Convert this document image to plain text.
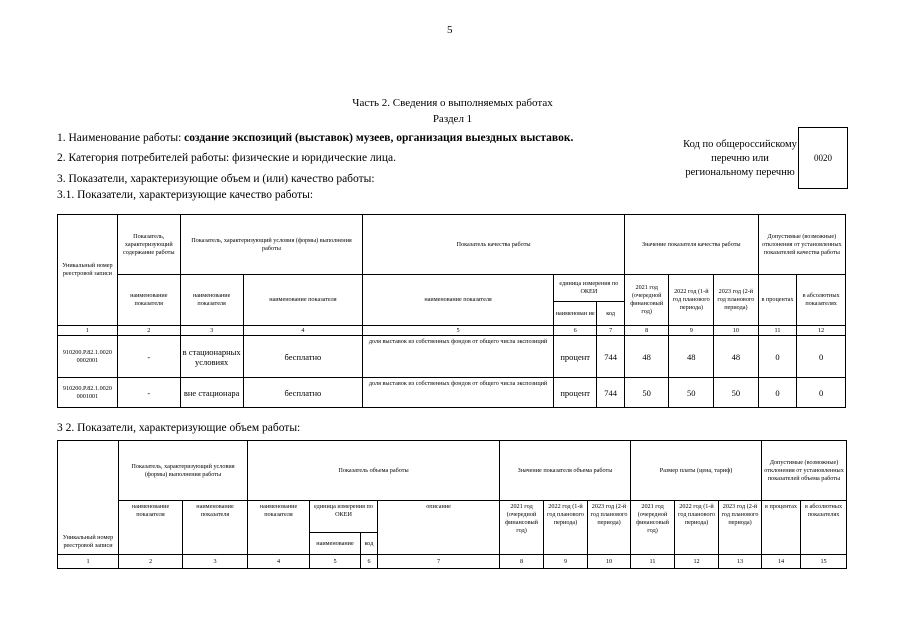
5
Часть 2. Сведения о выполняемых работах
Раздел 1
1. Наименование работы: создание экспозиций (выставок) музеев, организация выездных выставок.
2. Категория потребителей работы: физические и юридические лица.
3. Показатели, характеризующие объем и (или) качество работы:
3.1. Показатели, характеризующие качество работы:
Код по общероссийскому перечню или региональному перечню
0020
Уникальный номер реестровой записи	Показатель, характеризующий содержание работы	Показатель, характеризующий условия (формы) выполнения работы		Показатель качества работы			Значение показателя качества работы			Допустимые (возможные) отклонения от установленных показателей качества работы	
	наименование показателя	наименование показателя	наименование показателя	наименование показателя	единица измерения по ОКЕИ		2021 год (очередной финансовый год)	2022 год (1-й год планового периода)	2023 год (2-й год планового периода)	в процентах	в абсолютных показателях
					наименован ие	код					
1	2	3	4	5	6	7	8	9	10	11	12
910200.Р.82.1.0020​0002001	-	в стационарных условиях	бесплатно	доля выставок из собственных фондов от общего числа экспозиций	процент	744	48	48	48	0	0
910200.Р.82.1.0020​0001001	-	вне стационара	бесплатно	доля выставок из собственных фондов от общего числа экспозиций	процент	744	50	50	50	0	0
3 2. Показатели, характеризующие объем работы:
Уникальный номер реестровой записи	Показатель, характеризующий условия (формы) выполнения работы		Показатель объема работы				Значение показателя объема работы			Размер платы (цена, тариф)			Допустимые (возможные) отклонения от установленных показателей объема работы	
	наименование показателя	наименование показателя	наименование показателя	единица измерения по ОКЕИ		описание	2021 год (очередной финансовый год)	2022 год (1-й год планового периода)	2023 год (2-й год планового периода)	2021 год (очередной финансовый год)	2022 год (1-й год планового периода)	2023 год (2-й год планового периода)	в процентах	в абсолютных показателях
				наименование	код									
1	2	3	4	5	6	7	8	9	10	11	12	13	14	15
